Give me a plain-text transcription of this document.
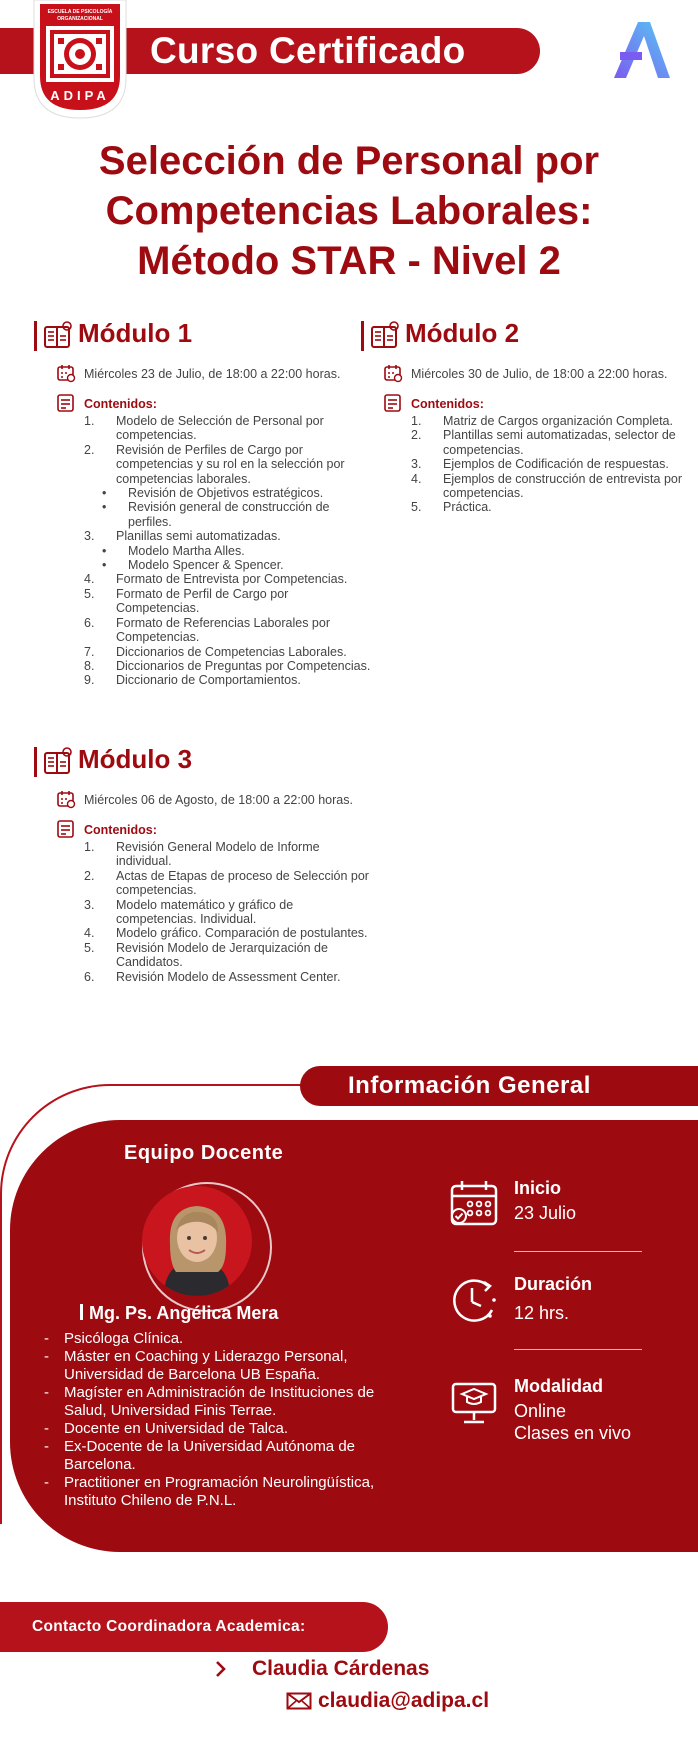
Curso Certificado
ESCUELA DE PSICOLOGÍA
ORGANIZACIONAL
ADIPA
Selección de Personal por
Competencias Laborales:
Método STAR - Nivel 2
Módulo 1
Miércoles 23 de Julio, de 18:00 a 22:00 horas.
Contenidos:
1. Modelo de Selección de Personal por competencias.
2. Revisión de Perfiles de Cargo por competencias y su rol en la selección por competencias laborales.
• Revisión de Objetivos estratégicos.
• Revisión general de construcción de perfiles.
3. Planillas semi automatizadas.
• Modelo Martha Alles.
• Modelo Spencer & Spencer.
4. Formato de Entrevista por Competencias.
5. Formato de Perfil de Cargo por Competencias.
6. Formato de Referencias Laborales por Competencias.
7. Diccionarios de Competencias Laborales.
8. Diccionarios de Preguntas por Competencias.
9. Diccionario de Comportamientos.
Módulo 2
Miércoles 30 de Julio, de 18:00 a 22:00 horas.
Contenidos:
1. Matriz de Cargos organización Completa.
2. Plantillas semi automatizadas, selector de competencias.
3. Ejemplos de Codificación de respuestas.
4. Ejemplos de construcción de entrevista por competencias.
5. Práctica.
Módulo 3
Miércoles 06 de Agosto, de 18:00 a 22:00 horas.
Contenidos:
1. Revisión General Modelo de Informe individual.
2. Actas de Etapas de proceso de Selección por competencias.
3. Modelo matemático y gráfico de competencias. Individual.
4. Modelo gráfico. Comparación de postulantes.
5. Revisión Modelo de Jerarquización de Candidatos.
6. Revisión Modelo de Assessment Center.
Información General
Equipo Docente
Mg. Ps. Angélica Mera
- Psicóloga Clínica.
- Máster en Coaching y Liderazgo Personal, Universidad de Barcelona UB España.
- Magíster en Administración de Instituciones de Salud, Universidad Finis Terrae.
- Docente en Universidad de Talca.
- Ex-Docente de la Universidad Autónoma de Barcelona.
- Practitioner en Programación Neurolingüística, Instituto Chileno de P.N.L.
Inicio
23 Julio
Duración
12 hrs.
Modalidad
Online
Clases en vivo
Contacto Coordinadora Academica:
Claudia Cárdenas
claudia@adipa.cl
